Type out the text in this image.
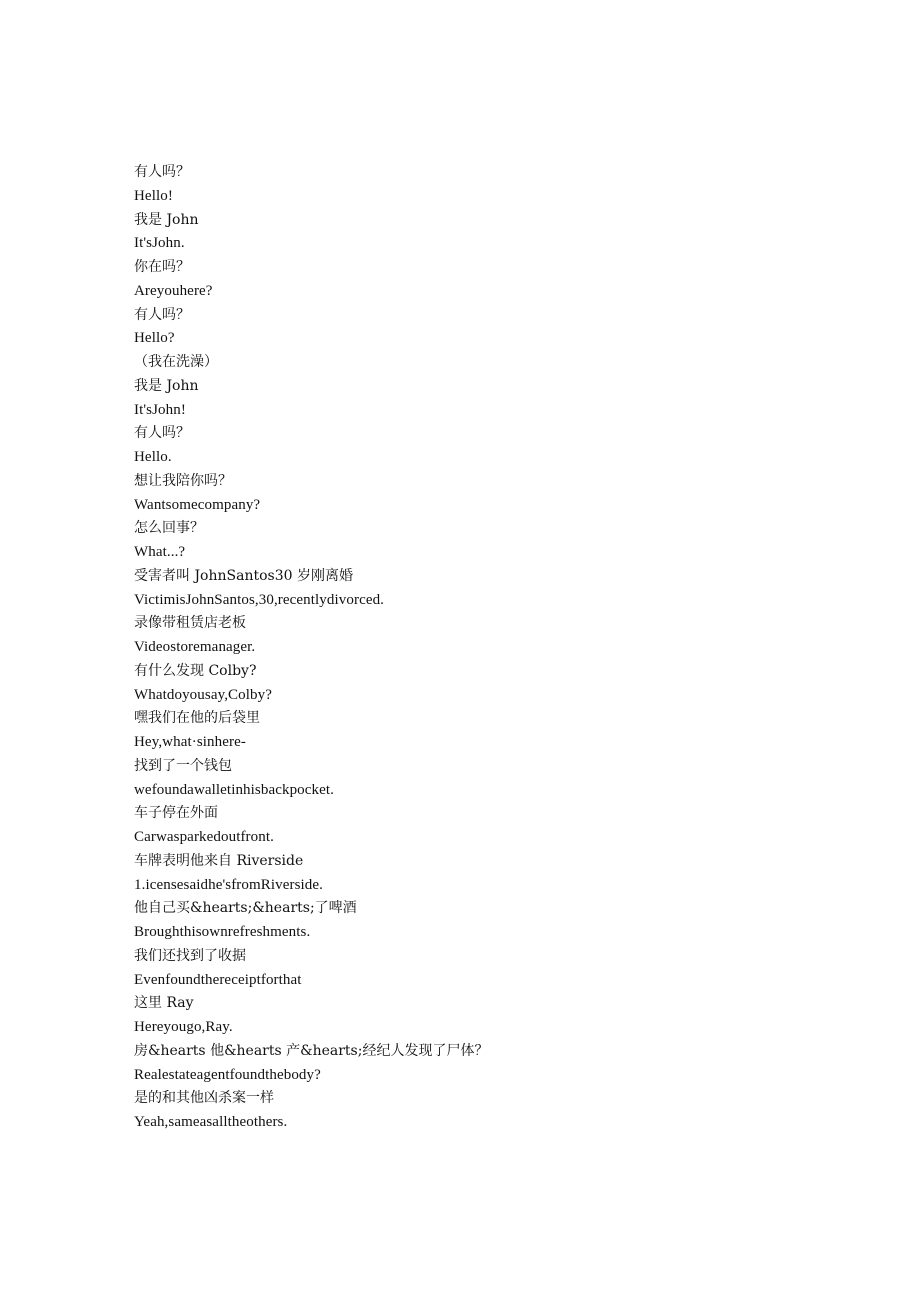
有人吗？
Hello!
我是 John
It'sJohn.
你在吗？
Areyouhere?
有人吗？
Hello?
（我在洗澡）
我是 John
It'sJohn!
有人吗？
Hello.
想让我陪你吗？
Wantsomecompany?
怎么回事？
What...?
受害者叫 JohnSantos30 岁刚离婚
VictimisJohnSantos,30,recentlydivorced.
录像带租赁店老板
Videostoremanager.
有什么发现 Colby?
Whatdoyousay,Colby?
嘿我们在他的后袋里
Hey,what·sinhere-
找到了一个钱包
wefoundawalletinhisbackpocket.
车子停在外面
Carwasparkedoutfront.
车牌表明他来自 Riverside
1.icensesaidhe'sfromRiverside.
他自己买&hearts;&hearts;了啤酒
Broughthisownrefreshments.
我们还找到了收据
Evenfoundthereceiptforthat
这里 Ray
Hereyougo,Ray.
房&hearts 他&hearts 产&hearts;经纪人发现了尸体？
Realestateagentfoundthebody?
是的和其他凶杀案一样
Yeah,sameasalltheothers.
